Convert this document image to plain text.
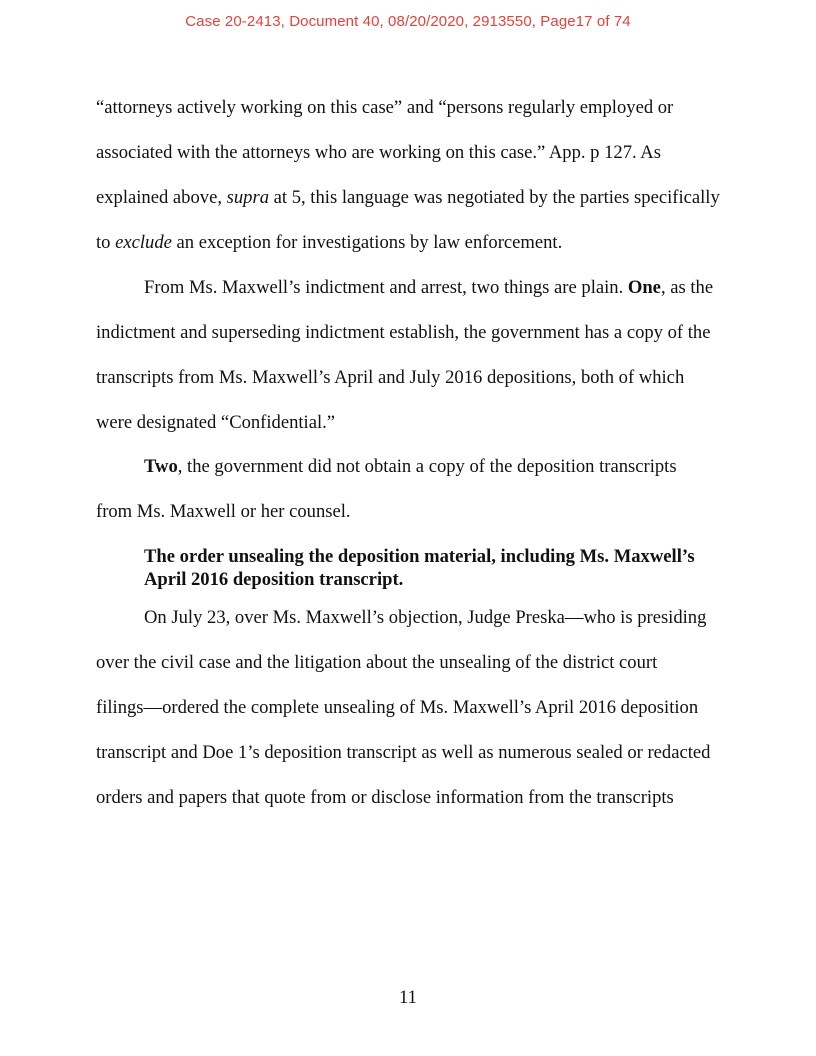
Case 20-2413, Document 40, 08/20/2020, 2913550, Page17 of 74
“attorneys actively working on this case” and “persons regularly employed or
associated with the attorneys who are working on this case.” App. p 127. As
explained above, supra at 5, this language was negotiated by the parties specifically
to exclude an exception for investigations by law enforcement.
From Ms. Maxwell’s indictment and arrest, two things are plain. One, as the
indictment and superseding indictment establish, the government has a copy of the
transcripts from Ms. Maxwell’s April and July 2016 depositions, both of which
were designated “Confidential.”
Two, the government did not obtain a copy of the deposition transcripts
from Ms. Maxwell or her counsel.
The order unsealing the deposition material, including Ms. Maxwell’s
April 2016 deposition transcript.
On July 23, over Ms. Maxwell’s objection, Judge Preska—who is presiding
over the civil case and the litigation about the unsealing of the district court
filings—ordered the complete unsealing of Ms. Maxwell’s April 2016 deposition
transcript and Doe 1’s deposition transcript as well as numerous sealed or redacted
orders and papers that quote from or disclose information from the transcripts
11
